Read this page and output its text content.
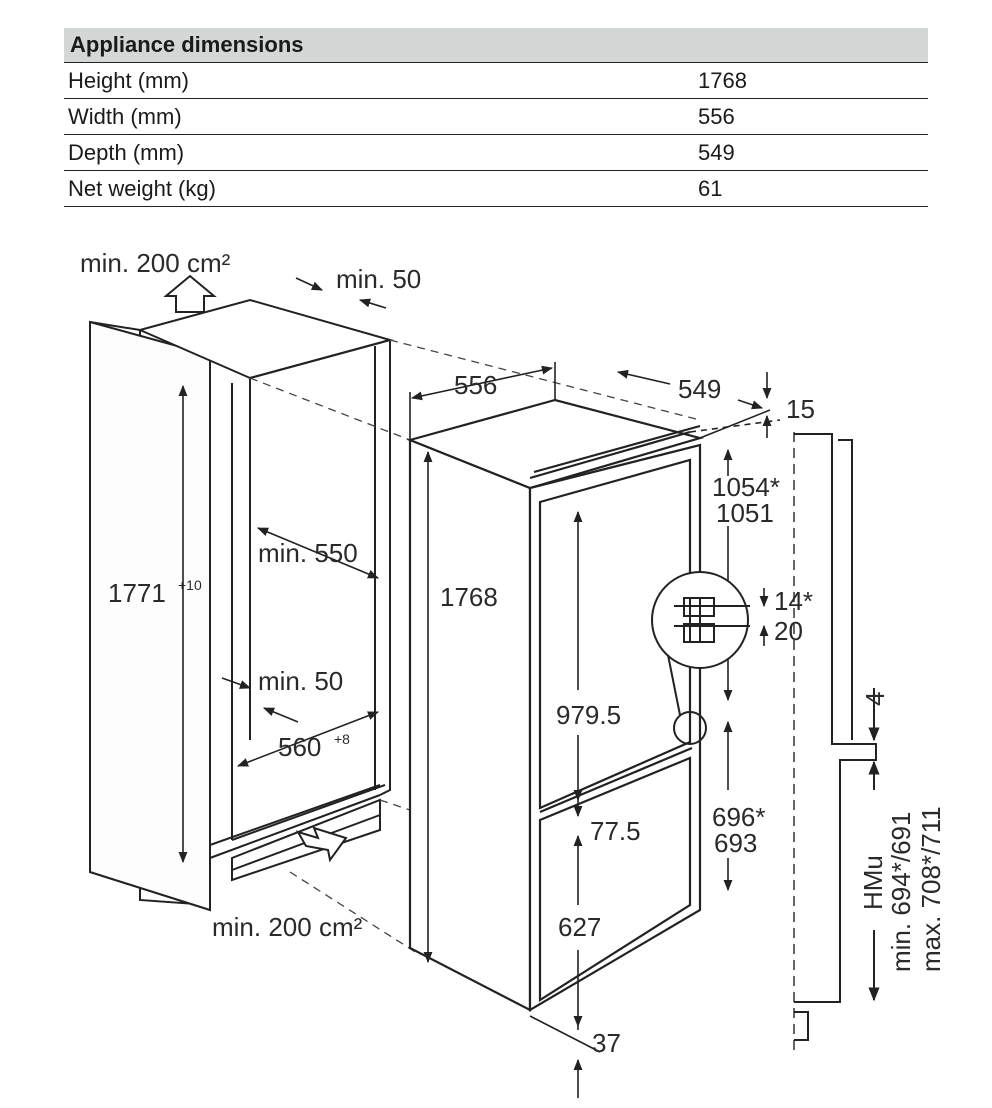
Appliance dimensions	
Height (mm)	1768
Width (mm)	556
Depth (mm)	549
Net weight (kg)	61
min. 200 cm²
min. 50
1771 +10
min. 550
min. 50
560 +8
min. 200 cm²
556	549
15
1768
1054*
1051
14*
20
979.5
696*
693
77.5
627
37
4
HMu
min. 694*/691 max. 708*/711
